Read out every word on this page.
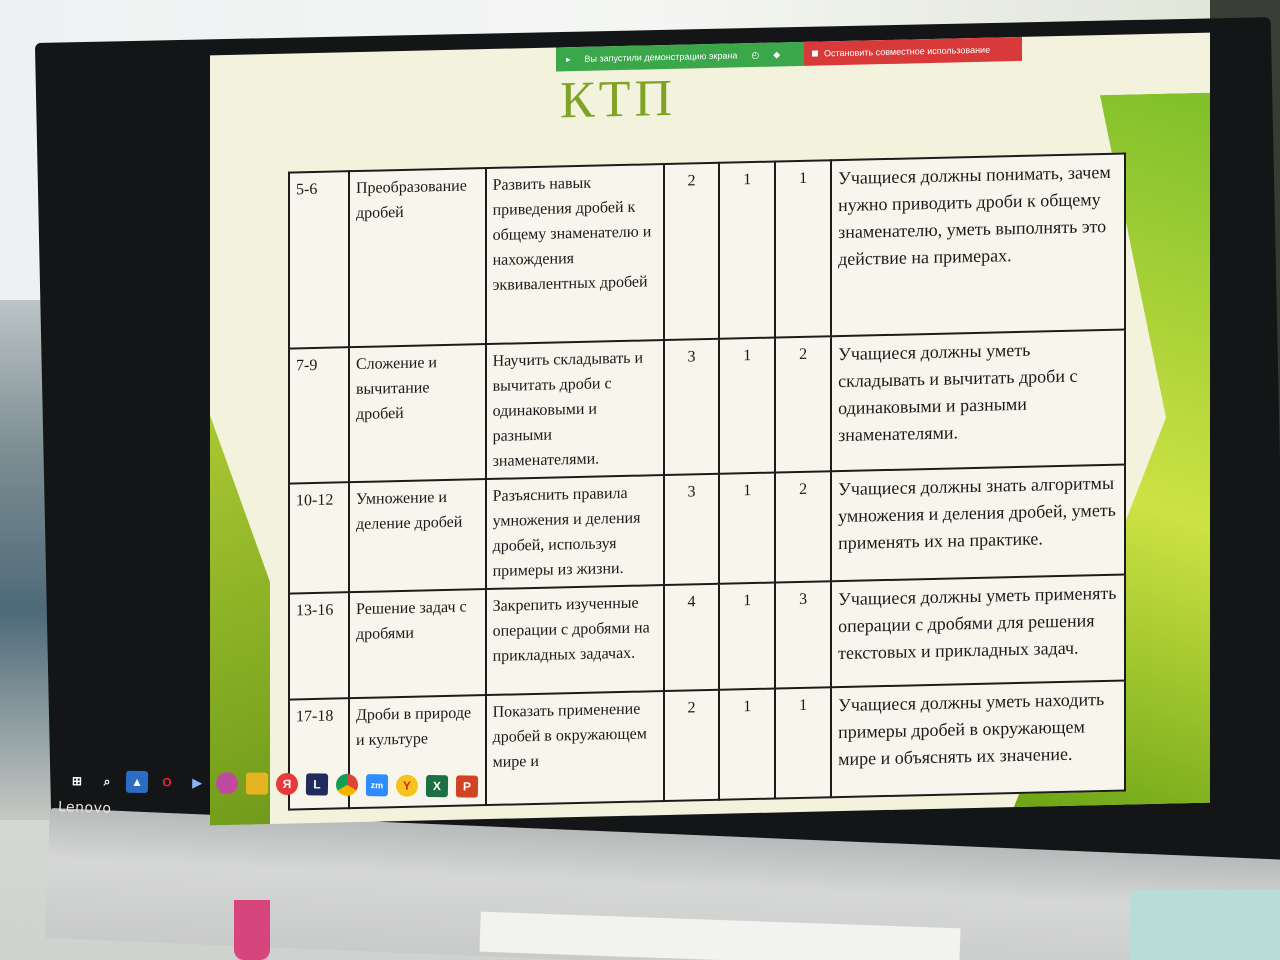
Lenovo
▸ Вы запустили демонстрацию экрана ◴ ◆	Остановить совместное использование
КТП
5-6	Преобразование дробей	Развить навык приведения дробей к общему знаменателю и нахождения эквивалентных дробей	2	1	1	Учащиеся должны понимать, зачем нужно приводить дроби к общему знаменателю, уметь выполнять это действие на примерах.
7-9	Сложение и вычитание дробей	Научить складывать и вычитать дроби с одинаковыми и разными знаменателями.	3	1	2	Учащиеся должны уметь складывать и вычитать дроби с одинаковыми и разными знаменателями.
10-12	Умножение и деление дробей	Разъяснить правила умножения и деления дробей, используя примеры из жизни.	3	1	2	Учащиеся должны знать алгоритмы умножения и деления дробей, уметь применять их на практике.
13-16	Решение задач с дробями	Закрепить изученные операции с дробями на прикладных задачах.	4	1	3	Учащиеся должны уметь применять операции с дробями для решения текстовых и прикладных задач.
17-18	Дроби в природе и культуре	Показать применение дробей в окружающем мире и	2	1	1	Учащиеся должны уметь находить примеры дробей в окружающем мире и объяснять их значение.
⊞	⌕	▲	O	▶	Я	L	zm	Y	X	P
